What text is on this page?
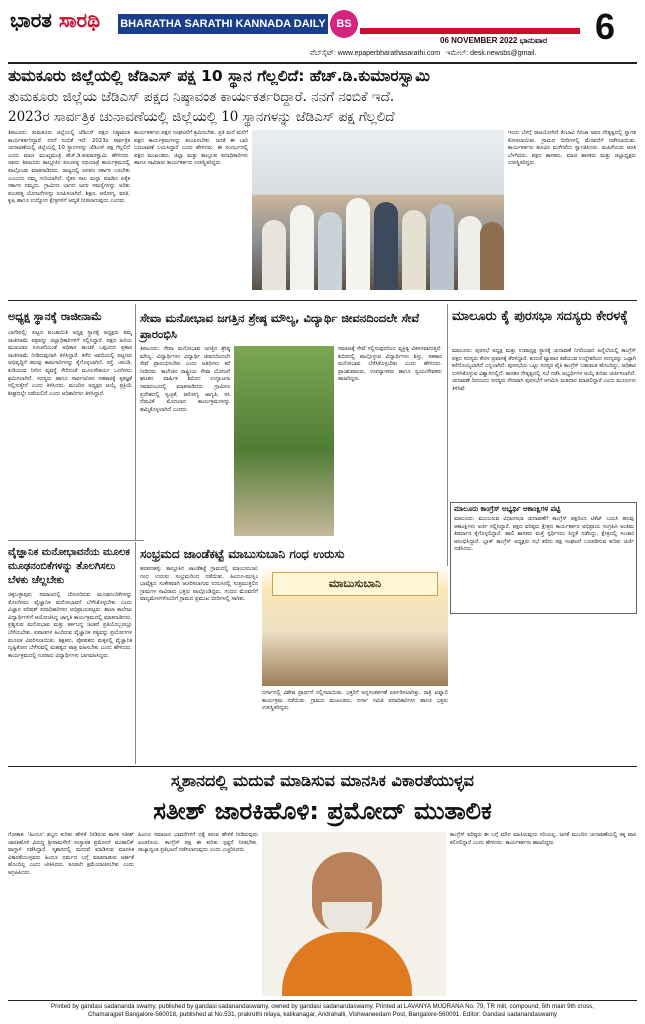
ಭಾರತ ಸಾರಥಿ BHARATHA SARATHI KANNADA DAILY BS
06 NOVEMBER 2022 ಭಾನುವಾರ 6
ವೆಬ್‌ಸೈಟ್: www.epaperbharathasarathi.com ಇಮೇಲ್: desk.newsbs@gmail.
ತುಮಕೂರು ಜಿಲ್ಲೆಯಲ್ಲಿ ಜೆಡಿಎಸ್ ಪಕ್ಷ 10 ಸ್ಥಾನ ಗೆಲ್ಲಲಿದೆ: ಹೆಚ್.ಡಿ.ಕುಮಾರಸ್ವಾಮಿ
ತುಮಕೂರು ಜಿಲ್ಲೆಯ ಜೆಡಿಎಸ್ ಪಕ್ಷದ ನಿಷ್ಠಾವಂತ ಕಾರ್ಯಕರ್ತರಿದ್ದಾರೆ. ನನಗೆ ನಂಬಿಕೆ ಇದೆ.
2023ರ ಸಾರ್ವತ್ರಿಕ ಚುನಾವಣೆಯಲ್ಲಿ ಜಿಲ್ಲೆಯಲ್ಲಿ 10 ಸ್ಥಾನಗಳನ್ನು ಜೆಡಿಎಸ್ ಪಕ್ಷ ಗೆಲ್ಲಲಿದೆ
ತಿಪಟೂರು: ತುಮಕೂರು ಜಿಲ್ಲೆಯಲ್ಲಿ ಜೆಡಿಎಸ್ ಪಕ್ಷದ ನಿಷ್ಠಾವಂತ ಕಾರ್ಯಕರ್ತರಿದ್ದಾರೆ. ನನಗೆ ನಂಬಿಕೆ ಇದೆ. 2023ರ ಸಾರ್ವತ್ರಿಕ ಚುನಾವಣೆಯಲ್ಲಿ ಜಿಲ್ಲೆಯಲ್ಲಿ 10 ಸ್ಥಾನಗಳನ್ನು ಜೆಡಿಎಸ್ ಪಕ್ಷ ಗೆಲ್ಲಲಿದೆ ಎಂದು ಮಾಜಿ ಮುಖ್ಯಮಂತ್ರಿ ಹೆಚ್.ಡಿ.ಕುಮಾರಸ್ವಾಮಿ ಹೇಳಿದರು. ಅವರು ತಿಪಟೂರು ತಾಲ್ಲೂಕಿನ ಪಂಚರತ್ನ ರಥಯಾತ್ರೆ ಕಾರ್ಯಕ್ರಮದಲ್ಲಿ ಪಾಲ್ಗೊಂಡು ಮಾತನಾಡಿದರು. ರಾಜ್ಯದಲ್ಲಿ ಜನಪರ ಸರ್ಕಾರ ಬರಬೇಕು ಎಂಬುದು ನಮ್ಮ ಗುರಿಯಾಗಿದೆ. ರೈತರ ಸಾಲ ಮನ್ನಾ ಮಾಡಿದ ಏಕೈಕ ಸರ್ಕಾರ ನಮ್ಮದು. ಗ್ರಾಮೀಣ ಭಾಗದ ಜನರ ಸಮಸ್ಯೆಗಳನ್ನು ಅರಿತು ಪಂಚರತ್ನ ಯೋಜನೆಗಳನ್ನು ರೂಪಿಸಲಾಗಿದೆ. ಶಿಕ್ಷಣ, ಆರೋಗ್ಯ, ವಸತಿ, ಕೃಷಿ ಹಾಗೂ ಉದ್ಯೋಗ ಕ್ಷೇತ್ರಗಳಿಗೆ ಆದ್ಯತೆ ನೀಡಲಾಗುವುದು ಎಂದರು.
ಕಾರ್ಯಕರ್ತರು ಪಕ್ಷದ ಸಂಘಟನೆಗೆ ಶ್ರಮಿಸಬೇಕು. ಪ್ರತಿ ಮನೆ ಮನೆಗೆ ಪಕ್ಷದ ಕಾರ್ಯಕ್ರಮಗಳನ್ನು ತಲುಪಿಸಬೇಕು. ಜನತೆ ಈ ಬಾರಿ ಬದಲಾವಣೆ ಬಯಸಿದ್ದಾರೆ ಎಂದು ಹೇಳಿದರು. ಈ ಸಂದರ್ಭದಲ್ಲಿ ಪಕ್ಷದ ಮುಖಂಡರು, ಜಿಲ್ಲಾ ಮತ್ತು ತಾಲ್ಲೂಕು ಪದಾಧಿಕಾರಿಗಳು ಹಾಗೂ ಸಾವಿರಾರು ಕಾರ್ಯಕರ್ತರು ಉಪಸ್ಥಿತರಿದ್ದರು.
ಇಂದು ಬೆಳಗ್ಗೆ ರಾಜಯೋಗಿಣಿ ಕೆಂಬಾವಿ ಗಿರಿಜಾ ಅವರ ನೇತೃತ್ವದಲ್ಲಿ ಸ್ವಾಗತ ಕೋರಲಾಯಿತು. ಗ್ರಾಮದ ಬೀದಿಗಳಲ್ಲಿ ಮೆರವಣಿಗೆ ನಡೆಸಲಾಯಿತು. ಕಾರ್ಯಕರ್ತರು ಹೂವಿನ ಮಳೆಗರೆದು ಸ್ವಾಗತಿಸಿದರು. ಮಹಿಳೆಯರು ಆರತಿ ಬೆಳಗಿದರು. ಪಕ್ಷದ ಶಾಸಕರು, ಮಾಜಿ ಶಾಸಕರು ಮತ್ತು ಜಿಲ್ಲಾಧ್ಯಕ್ಷರು ಉಪಸ್ಥಿತರಿದ್ದರು.
ಅಧ್ಯಕ್ಷ ಸ್ಥಾನಕ್ಕೆ ರಾಜೀನಾಮೆ
ಬಾಗೇಪಲ್ಲಿ: ಪಟ್ಟಣ ಪಂಚಾಯಿತಿ ಅಧ್ಯಕ್ಷ ಸ್ಥಾನಕ್ಕೆ ಅಧ್ಯಕ್ಷರು ತಮ್ಮ ರಾಜೀನಾಮೆ ಪತ್ರವನ್ನು ಜಿಲ್ಲಾಧಿಕಾರಿಗಳಿಗೆ ಸಲ್ಲಿಸಿದ್ದಾರೆ. ಪಕ್ಷದ ಹಿರಿಯ ಮುಖಂಡರ ಸೂಚನೆಯಂತೆ ಅಧಿಕಾರ ಹಂಚಿಕೆ ಒಪ್ಪಂದದ ಪ್ರಕಾರ ರಾಜೀನಾಮೆ ನೀಡಿರುವುದಾಗಿ ತಿಳಿಸಿದ್ದಾರೆ. ಕಳೆದ ಅವಧಿಯಲ್ಲಿ ಪಟ್ಟಣದ ಅಭಿವೃದ್ಧಿಗೆ ಹಲವು ಕಾಮಗಾರಿಗಳನ್ನು ಕೈಗೊಳ್ಳಲಾಗಿದೆ. ರಸ್ತೆ, ಚರಂಡಿ, ಕುಡಿಯುವ ನೀರಿನ ವ್ಯವಸ್ಥೆ ಸೇರಿದಂತೆ ಮೂಲಸೌಕರ್ಯ ಒದಗಿಸಲು ಶ್ರಮಿಸಲಾಗಿದೆ. ಸದಸ್ಯರು ಹಾಗೂ ಸಾರ್ವಜನಿಕರ ಸಹಕಾರಕ್ಕೆ ಕೃತಜ್ಞತೆ ಸಲ್ಲಿಸುತ್ತೇನೆ ಎಂದು ತಿಳಿಸಿದರು. ಮುಂದಿನ ಅಧ್ಯಕ್ಷರ ಆಯ್ಕೆ ಪ್ರಕ್ರಿಯೆ ಶೀಘ್ರದಲ್ಲೇ ನಡೆಯಲಿದೆ ಎಂದು ಅಧಿಕಾರಿಗಳು ತಿಳಿಸಿದ್ದಾರೆ.
ಸೇವಾ ಮನೋಭಾವ ಜಗತ್ತಿನ ಶ್ರೇಷ್ಠ ಮೌಲ್ಯ, ವಿದ್ಯಾರ್ಥಿ ಜೀವನದಿಂದಲೇ ಸೇವೆ ಪ್ರಾರಂಭಿಸಿ
ತಿಪಟೂರು: ಸೇವಾ ಮನೋಭಾವ ಜಗತ್ತಿನ ಶ್ರೇಷ್ಠ ಮೌಲ್ಯ. ವಿದ್ಯಾರ್ಥಿಗಳು ವಿದ್ಯಾರ್ಥಿ ಜೀವನದಿಂದಲೇ ಸೇವೆ ಪ್ರಾರಂಭಿಸಬೇಕು ಎಂದು ಅತಿಥಿಗಳು ಕರೆ ನೀಡಿದರು. ಕಾಲೇಜಿನ ರಾಷ್ಟ್ರೀಯ ಸೇವಾ ಯೋಜನೆ ಘಟಕದ ವಾರ್ಷಿಕ ಶಿಬಿರದ ಉದ್ಘಾಟನಾ ಸಮಾರಂಭದಲ್ಲಿ ಮಾತನಾಡಿದರು. ಗ್ರಾಮೀಣ ಪ್ರದೇಶದಲ್ಲಿ ಸ್ವಚ್ಛತೆ, ಆರೋಗ್ಯ ಜಾಗೃತಿ, ಸಸಿ ನೆಡುವಿಕೆ ಮೊದಲಾದ ಕಾರ್ಯಕ್ರಮಗಳನ್ನು ಹಮ್ಮಿಕೊಳ್ಳಲಾಗಿದೆ ಎಂದರು.
ಸಮಾಜಕ್ಕೆ ಸೇವೆ ಸಲ್ಲಿಸುವುದರಿಂದ ವ್ಯಕ್ತಿತ್ವ ವಿಕಸನವಾಗುತ್ತದೆ. ಶಿಬಿರದಲ್ಲಿ ಪಾಲ್ಗೊಳ್ಳುವ ವಿದ್ಯಾರ್ಥಿಗಳು ಶಿಸ್ತು, ಸಹಕಾರ ಮನೋಭಾವ ಬೆಳೆಸಿಕೊಳ್ಳಬೇಕು ಎಂದು ಹೇಳಿದರು. ಪ್ರಾಂಶುಪಾಲರು, ಉಪನ್ಯಾಸಕರು ಹಾಗೂ ಸ್ವಯಂಸೇವಕರು ಹಾಜರಿದ್ದರು.
ಮಾಲೂರು ಕೈ ಪುರಸಭಾ ಸದಸ್ಯರು ಕೇರಳಕ್ಕೆ
ಮಾಲೂರು: ಪುರಸಭೆ ಅಧ್ಯಕ್ಷ ಮತ್ತು ಉಪಾಧ್ಯಕ್ಷ ಸ್ಥಾನಕ್ಕೆ ಚುನಾವಣೆ ನಿಗದಿಯಾದ ಹಿನ್ನೆಲೆಯಲ್ಲಿ ಕಾಂಗ್ರೆಸ್ ಪಕ್ಷದ ಸದಸ್ಯರು ಕೇರಳ ಪ್ರವಾಸಕ್ಕೆ ತೆರಳಿದ್ದಾರೆ. ಕುದುರೆ ವ್ಯಾಪಾರ ತಡೆಯುವ ಉದ್ದೇಶದಿಂದ ಸದಸ್ಯರನ್ನು ಒಟ್ಟಾಗಿ ಕರೆದೊಯ್ಯಲಾಗಿದೆ ಎನ್ನಲಾಗಿದೆ. ಪುರಸಭೆಯ ಒಟ್ಟು ಸದಸ್ಯರ ಪೈಕಿ ಕಾಂಗ್ರೆಸ್ ಬಹುಮತ ಹೊಂದಿದ್ದು, ಅಧಿಕಾರ ಉಳಿಸಿಕೊಳ್ಳುವ ವಿಶ್ವಾಸದಲ್ಲಿದೆ. ಶಾಸಕರ ನೇತೃತ್ವದಲ್ಲಿ ಸಭೆ ನಡೆಸಿ ಅಭ್ಯರ್ಥಿಗಳ ಆಯ್ಕೆ ಕುರಿತು ಚರ್ಚಿಸಲಾಗಿದೆ. ಚುನಾವಣೆ ದಿನದಂದು ಸದಸ್ಯರು ನೇರವಾಗಿ ಪುರಸಭೆಗೆ ಆಗಮಿಸಿ ಮತದಾನ ಮಾಡಲಿದ್ದಾರೆ ಎಂದು ಮೂಲಗಳು ತಿಳಿಸಿವೆ.
ಮಾಲೂರು ಕಾಂಗ್ರೆಸ್ ಅಭ್ಯರ್ಥಿ ಆಕಾಂಕ್ಷಿಗಳ ಪಟ್ಟಿ
ಮಾಲೂರು: ಮುಂಬರುವ ವಿಧಾನಸಭಾ ಚುನಾವಣೆಗೆ ಕಾಂಗ್ರೆಸ್ ಪಕ್ಷದಿಂದ ಟಿಕೆಟ್ ಬಯಸಿ ಹಲವು ಆಕಾಂಕ್ಷಿಗಳು ಅರ್ಜಿ ಸಲ್ಲಿಸಿದ್ದಾರೆ. ಪಕ್ಷದ ವರಿಷ್ಠರು ಕ್ಷೇತ್ರದ ಕಾರ್ಯಕರ್ತರ ಅಭಿಪ್ರಾಯ ಸಂಗ್ರಹಿಸಿ ಅಂತಿಮ ತೀರ್ಮಾನ ಕೈಗೊಳ್ಳಲಿದ್ದಾರೆ. ಹಾಲಿ ಶಾಸಕರು ಮತ್ತೆ ಸ್ಪರ್ಧಿಸಲು ಸಿದ್ಧತೆ ನಡೆಸಿದ್ದು, ಕ್ಷೇತ್ರದಲ್ಲಿ ಸಂಚಾರ ಆರಂಭಿಸಿದ್ದಾರೆ. ಬ್ಲಾಕ್ ಕಾಂಗ್ರೆಸ್ ಅಧ್ಯಕ್ಷರು ಸಭೆ ಕರೆದು ಪಕ್ಷ ಸಂಘಟನೆ ಬಲಪಡಿಸುವ ಕುರಿತು ಚರ್ಚೆ ನಡೆಸಿದರು.
ವೈಜ್ಞಾನಿಕ ಮನೋಭಾವನೆಯ ಮೂಲಕ ಮೂಢನಂಬಿಕೆಗಳನ್ನು ತೊಲಗಿಸಲು ಬೆಳಕು ಚೆಲ್ಲಬೇಕು
ಚಿಕ್ಕಬಳ್ಳಾಪುರ: ಸಮಾಜದಲ್ಲಿ ಬೇರೂರಿರುವ ಮೂಢನಂಬಿಕೆಗಳನ್ನು ತೊಲಗಿಸಲು ವೈಜ್ಞಾನಿಕ ಮನೋಭಾವನೆ ಬೆಳೆಸಿಕೊಳ್ಳಬೇಕು ಎಂದು ವಿಜ್ಞಾನ ಪರಿಷತ್ ಪದಾಧಿಕಾರಿಗಳು ಅಭಿಪ್ರಾಯಪಟ್ಟರು. ಶಾಲಾ ಕಾಲೇಜು ವಿದ್ಯಾರ್ಥಿಗಳಿಗೆ ಆಯೋಜಿಸಿದ್ದ ಜಾಗೃತಿ ಕಾರ್ಯಕ್ರಮದಲ್ಲಿ ಮಾತನಾಡಿದರು. ಪ್ರಶ್ನಿಸುವ ಮನೋಭಾವ ಮತ್ತು ತರ್ಕಬದ್ಧ ಚಿಂತನೆ ಪ್ರತಿಯೊಬ್ಬರಲ್ಲೂ ಬೆಳೆಯಬೇಕು. ಪವಾಡಗಳ ಹಿಂದಿರುವ ವೈಜ್ಞಾನಿಕ ಸತ್ಯವನ್ನು ಪ್ರಯೋಗಗಳ ಮೂಲಕ ವಿವರಿಸಲಾಯಿತು. ಶಿಕ್ಷಕರು, ಪೋಷಕರು ಮಕ್ಕಳಲ್ಲಿ ವೈಜ್ಞಾನಿಕ ದೃಷ್ಟಿಕೋನ ಬೆಳೆಸುವಲ್ಲಿ ಮಹತ್ವದ ಪಾತ್ರ ವಹಿಸಬೇಕು ಎಂದು ಹೇಳಿದರು. ಕಾರ್ಯಕ್ರಮದಲ್ಲಿ ನೂರಾರು ವಿದ್ಯಾರ್ಥಿಗಳು ಭಾಗವಹಿಸಿದ್ದರು.
ಸಂಭ್ರಮದ ಜಾಂಡೆಕಟ್ಟೆ ಮಾಬುಸುಬಾನಿ ಗಂಧ ಉರುಸು
ಹರಪನಹಳ್ಳಿ: ತಾಲ್ಲೂಕಿನ ಜಾಂಡೆಕಟ್ಟೆ ಗ್ರಾಮದಲ್ಲಿ ಮಾಬುಸುಬಾನಿ ಗಂಧ ಉರುಸು ಸಂಭ್ರಮದಿಂದ ನಡೆಯಿತು. ಹಿಂದೂ-ಮುಸ್ಲಿಂ ಭಾವೈಕ್ಯದ ಸಂಕೇತವಾಗಿ ಆಚರಿಸಲಾಗುವ ಉರುಸಿನಲ್ಲಿ ಸುತ್ತಮುತ್ತಲಿನ ಗ್ರಾಮಗಳ ಸಾವಿರಾರು ಭಕ್ತರು ಪಾಲ್ಗೊಂಡಿದ್ದರು. ಗಂಧದ ಮೆರವಣಿಗೆ ವಾದ್ಯಮೇಳಗಳೊಂದಿಗೆ ಗ್ರಾಮದ ಪ್ರಮುಖ ಬೀದಿಗಳಲ್ಲಿ ಸಾಗಿತು.
ಮಾಬುಸುಬಾನಿ
ದರ್ಗಾದಲ್ಲಿ ವಿಶೇಷ ಪ್ರಾರ್ಥನೆ ಸಲ್ಲಿಸಲಾಯಿತು. ಭಕ್ತರಿಗೆ ಅನ್ನಸಂತರ್ಪಣೆ ಏರ್ಪಡಿಸಲಾಗಿತ್ತು. ರಾತ್ರಿ ಖವ್ವಾಲಿ ಕಾರ್ಯಕ್ರಮ ನಡೆಯಿತು. ಗ್ರಾಮದ ಮುಖಂಡರು, ದರ್ಗಾ ಸಮಿತಿ ಪದಾಧಿಕಾರಿಗಳು ಹಾಗೂ ಭಕ್ತರು ಉಪಸ್ಥಿತರಿದ್ದರು.
ಸ್ಮಶಾನದಲ್ಲಿ ಮದುವೆ ಮಾಡಿಸುವ ಮಾನಸಿಕ ವಿಕಾರತೆಯುಳ್ಳವ
ಸತೀಶ್ ಜಾರಕಿಹೊಳಿ: ಪ್ರಮೋದ್ ಮುತಾಲಿಕ
ಗೋಕಾಕ: 'ಹಿಂದೂ' ಶಬ್ದದ ಕುರಿತು ಹೇಳಿಕೆ ನೀಡಿರುವ ಶಾಸಕ ಸತೀಶ್ ಜಾರಕಿಹೊಳಿ ವಿರುದ್ಧ ಶ್ರೀರಾಮಸೇನೆ ಸಂಸ್ಥಾಪಕ ಪ್ರಮೋದ್ ಮುತಾಲಿಕ್ ವಾಗ್ದಾಳಿ ನಡೆಸಿದ್ದಾರೆ. ಸ್ಮಶಾನದಲ್ಲಿ ಮದುವೆ ಮಾಡಿಸುವ ಮಾನಸಿಕ ವಿಕಾರತೆಯುಳ್ಳವರು ಹಿಂದೂ ಧರ್ಮದ ಬಗ್ಗೆ ಮಾತನಾಡುವ ಅರ್ಹತೆ ಹೊಂದಿಲ್ಲ ಎಂದು ಟೀಕಿಸಿದರು. ಕೂಡಲೇ ಕ್ಷಮೆಯಾಚಿಸಬೇಕು ಎಂದು ಆಗ್ರಹಿಸಿದರು.
ಹಿಂದೂ ಸಮಾಜದ ಭಾವನೆಗಳಿಗೆ ಧಕ್ಕೆ ತರುವ ಹೇಳಿಕೆ ನೀಡಿರುವುದು ಖಂಡನೀಯ. ಕಾಂಗ್ರೆಸ್ ಪಕ್ಷ ಈ ಕುರಿತು ಸ್ಪಷ್ಟನೆ ನೀಡಬೇಕು. ರಾಜ್ಯಾದ್ಯಂತ ಪ್ರತಿಭಟನೆ ನಡೆಸಲಾಗುವುದು ಎಂದು ಎಚ್ಚರಿಸಿದರು.
ಕಾಂಗ್ರೆಸ್ ವರಿಷ್ಠರು ಈ ಬಗ್ಗೆ ಮೌನ ವಹಿಸಿರುವುದು ಸರಿಯಲ್ಲ. ಜನತೆ ಮುಂದಿನ ಚುನಾವಣೆಯಲ್ಲಿ ತಕ್ಕ ಪಾಠ ಕಲಿಸಲಿದ್ದಾರೆ ಎಂದು ಹೇಳಿದರು. ಕಾರ್ಯಕರ್ತರು ಹಾಜರಿದ್ದರು.
Printed by gandasi sadananda swamy, published by gandasi sadanandaswamy, owned by gandasi sadanandaswamy. Printed at LAVANYA MUDRANA No. 79, TR mill, compound, 5th main 9th cross,
Chamarajpet Bangalore-560018, published at No.531, prakruthi nilaya, kalikanagar, Andrahalli, Vishwaneedam Post, Bangalore-560091. Editor: Gandasi sadanandaswamy
